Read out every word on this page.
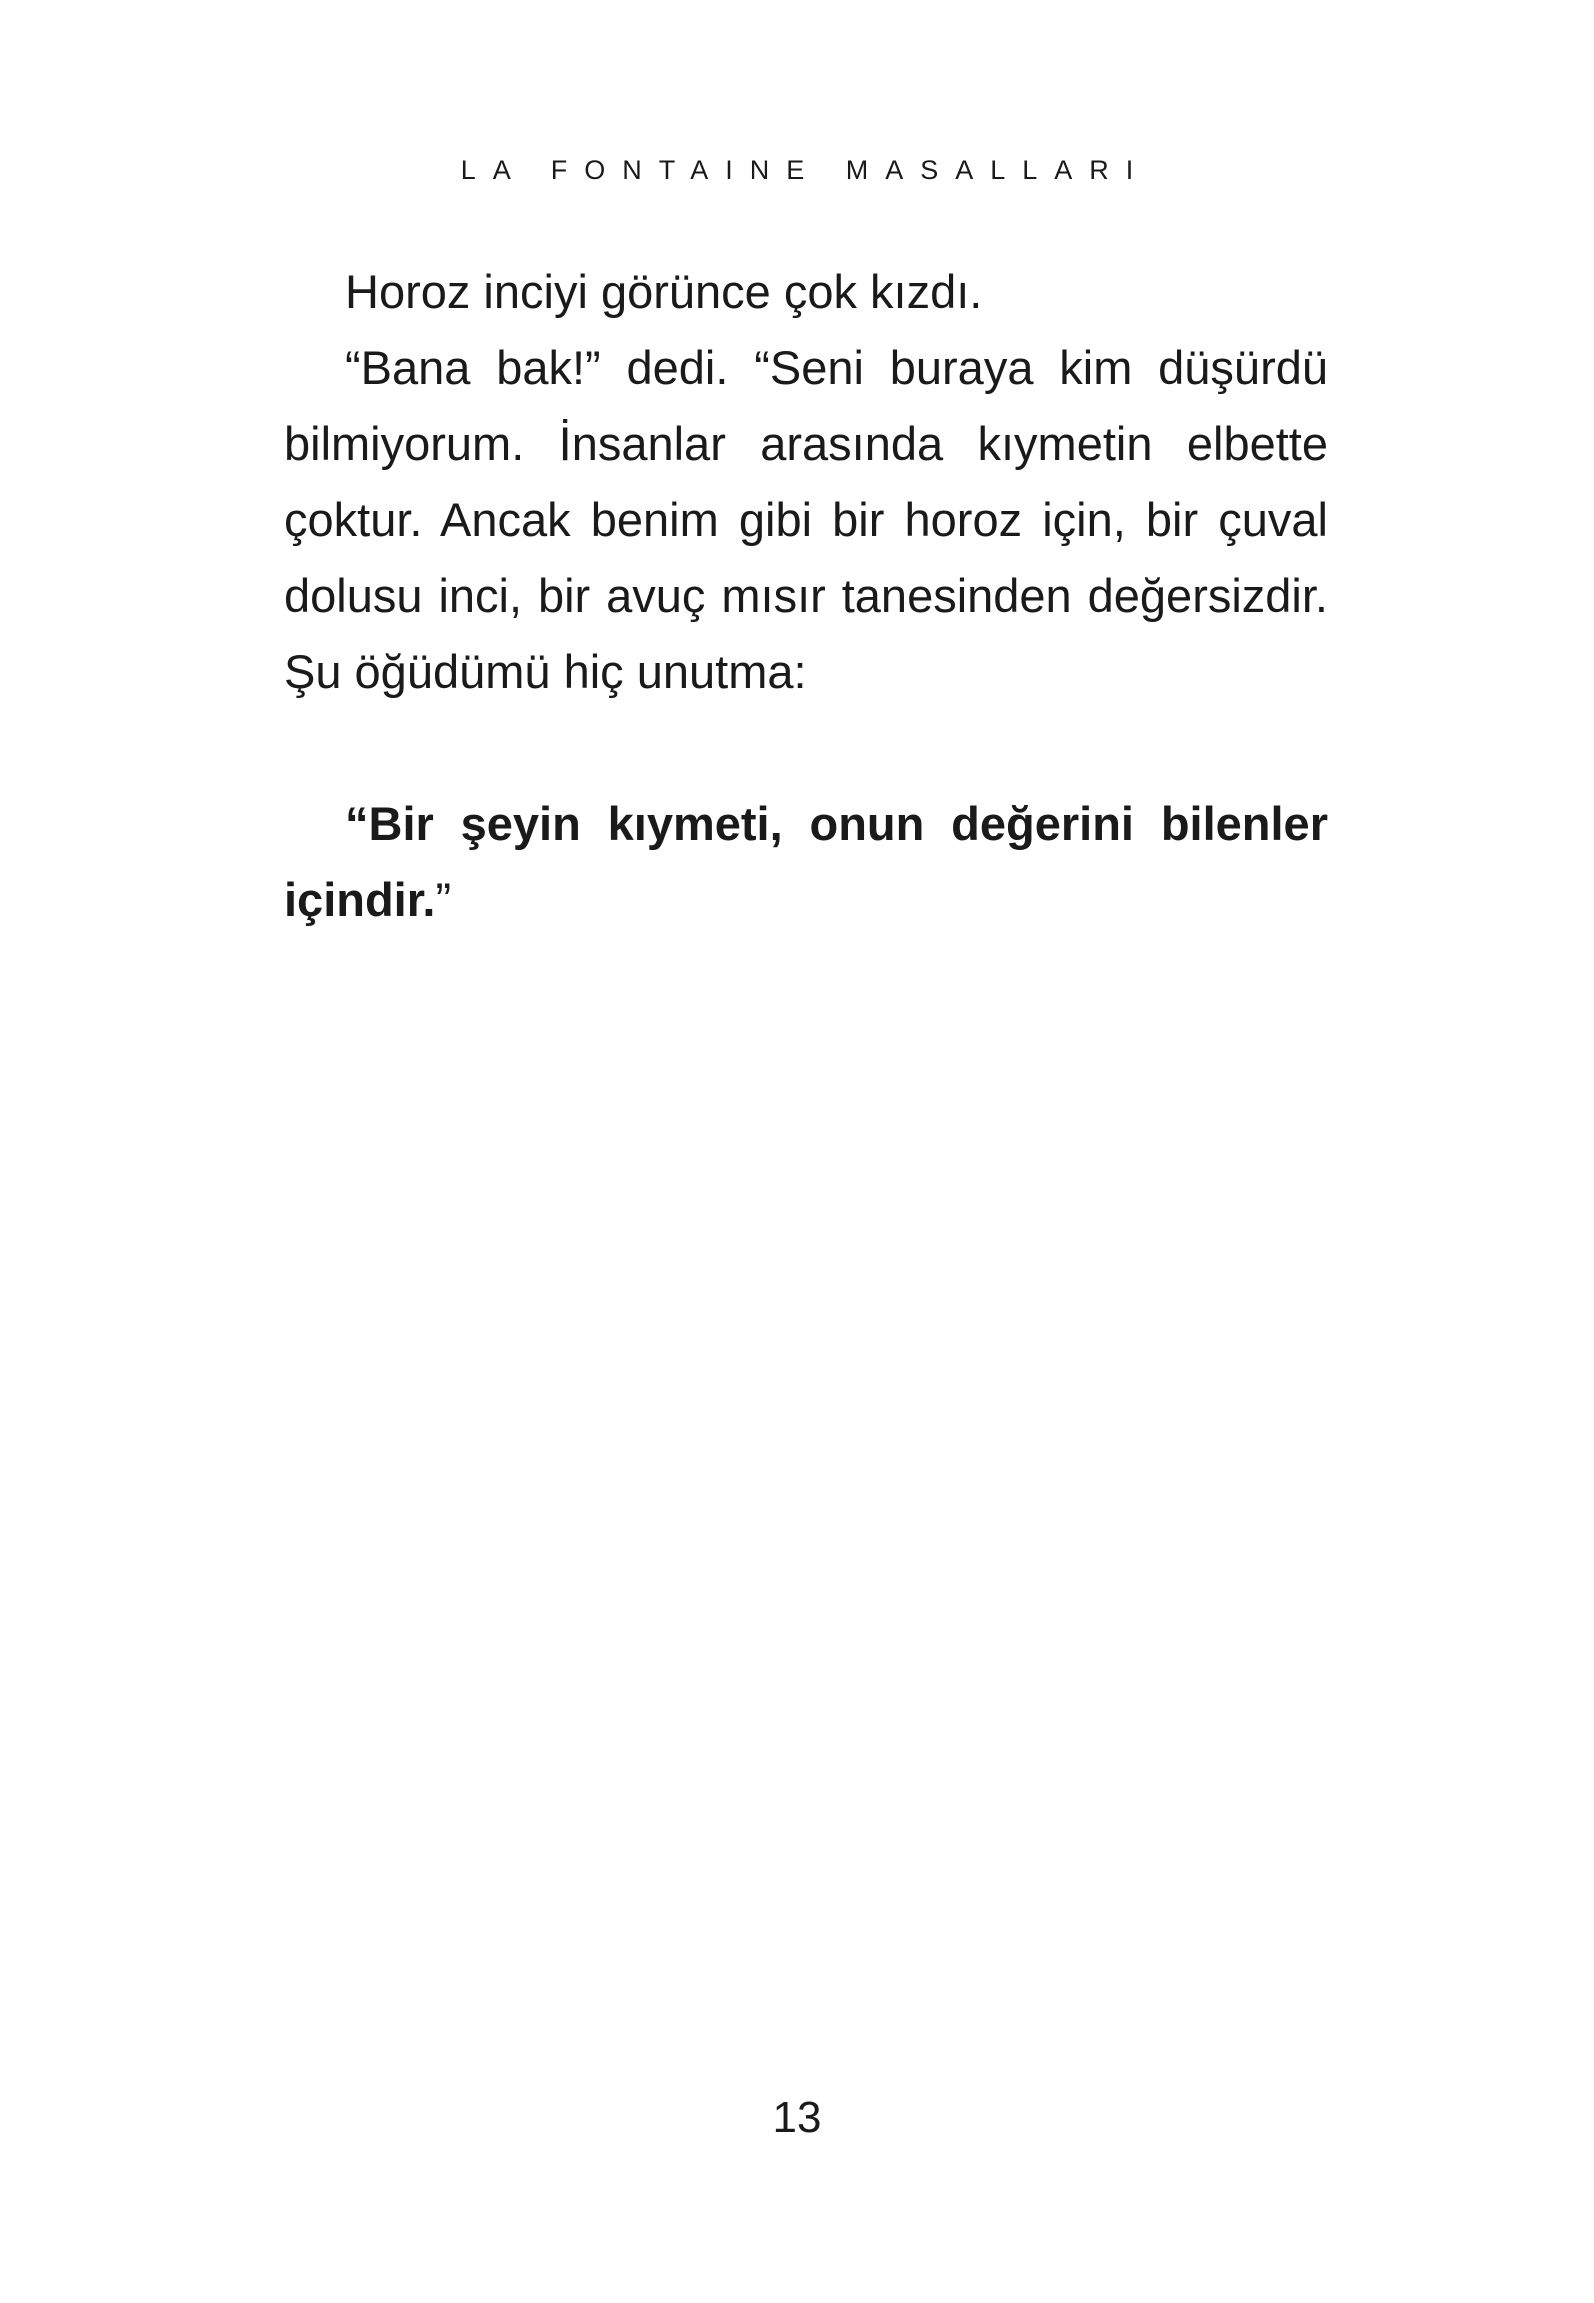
LA FONTAINE MASALLARI

Horoz inciyi görünce çok kızdı.

“Bana bak!” dedi. “Seni buraya kim düşürdü bilmiyorum. İnsanlar arasında kıymetin elbette çoktur. Ancak benim gibi bir horoz için, bir çuval dolusu inci, bir avuç mısır tanesinden değersizdir. Şu öğüdümü hiç unutma:

“Bir şeyin kıymeti, onun değerini bilenler içindir.”

13
